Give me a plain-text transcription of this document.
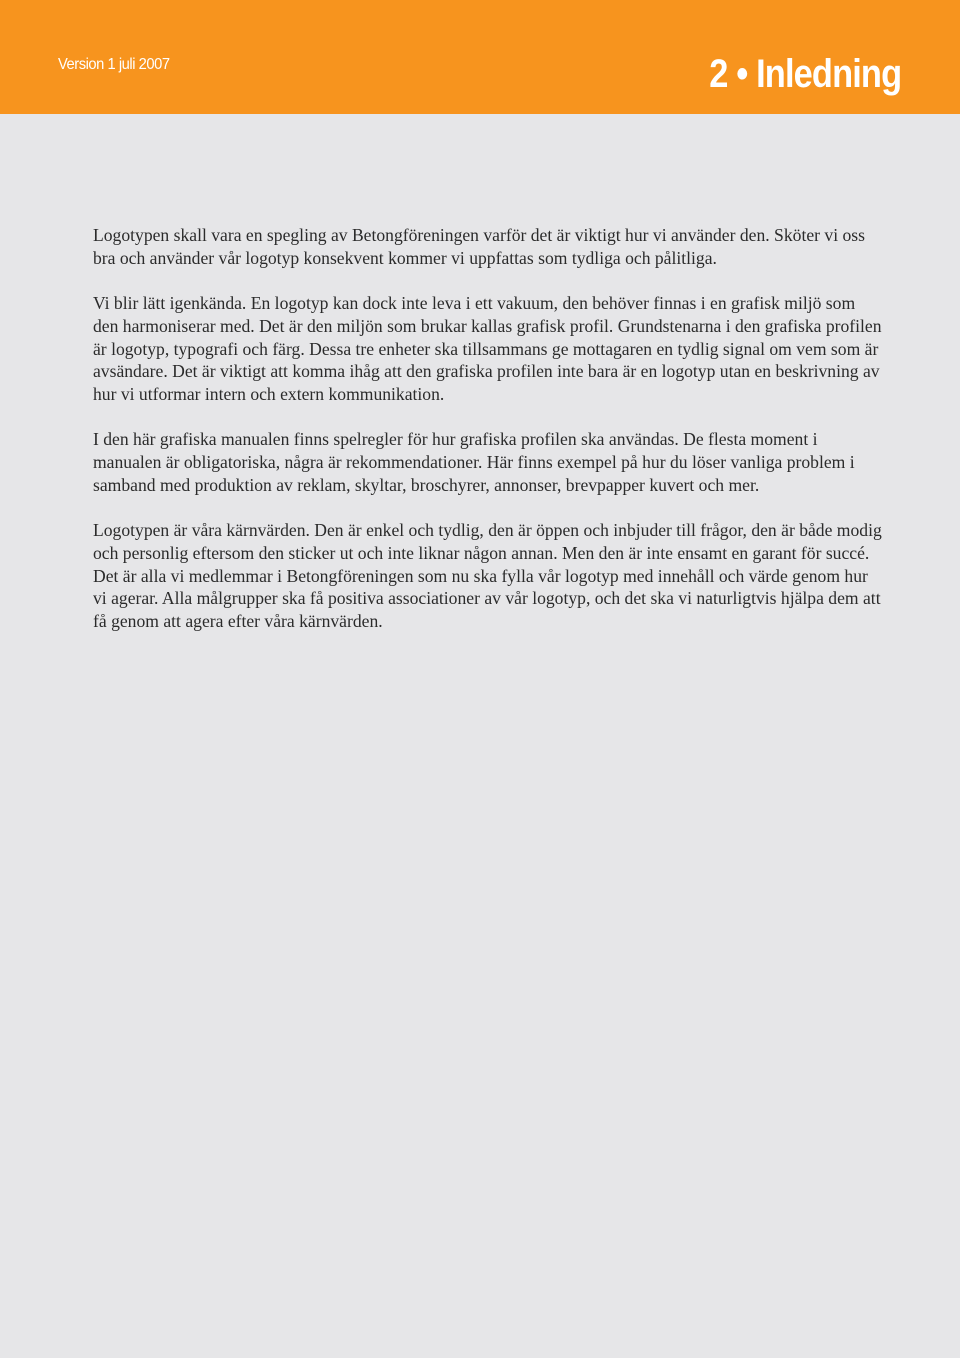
Version 1 juli 2007	2 • Inledning

Logotypen skall vara en spegling av Betongföreningen varför det är viktigt hur vi använder den. Sköter vi oss bra och använder vår logotyp konsekvent kommer vi uppfattas som tydliga och pålitliga.

Vi blir lätt igenkända. En logotyp kan dock inte leva i ett vakuum, den behöver finnas i en grafisk miljö som den harmoniserar med. Det är den miljön som brukar kallas grafisk profil. Grundstenarna i den grafiska profilen är logotyp, typografi och färg. Dessa tre enheter ska tillsammans ge mottagaren en tydlig signal om vem som är avsändare. Det är viktigt att komma ihåg att den grafiska profilen inte bara är en logotyp utan en beskrivning av hur vi utformar intern och extern kommunikation.

I den här grafiska manualen finns spelregler för hur grafiska profilen ska användas. De flesta moment i manualen är obligatoriska, några är rekommendationer. Här finns exempel på hur du löser vanliga problem i samband med produktion av reklam, skyltar, broschyrer, annonser, brevpapper kuvert och mer.

Logotypen är våra kärnvärden. Den är enkel och tydlig, den är öppen och inbjuder till frågor, den är både modig och personlig eftersom den sticker ut och inte liknar någon annan. Men den är inte ensamt en garant för succé. Det är alla vi medlemmar i Betongföreningen som nu ska fylla vår logotyp med innehåll och värde genom hur vi agerar. Alla målgrupper ska få positiva associationer av vår logotyp, och det ska vi naturligtvis hjälpa dem att få genom att agera efter våra kärnvärden.
